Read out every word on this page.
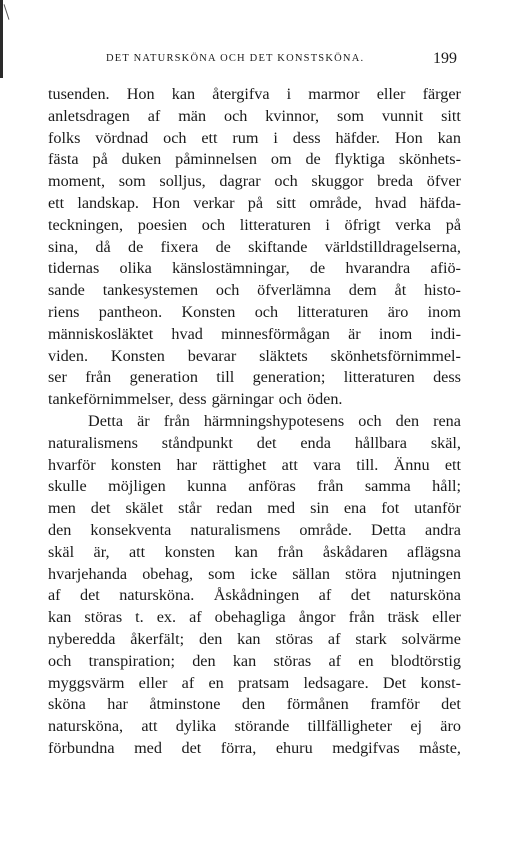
DET NATURSKÖNA OCH DET KONSTSKÖNA.	199
tusenden. Hon kan återgifva i marmor eller färger
anletsdragen af män och kvinnor, som vunnit sitt
folks vördnad och ett rum i dess häfder. Hon kan
fästa på duken påminnelsen om de flyktiga skönhets-
moment, som solljus, dagrar och skuggor breda öfver
ett landskap. Hon verkar på sitt område, hvad häfda-
teckningen, poesien och litteraturen i öfrigt verka på
sina, då de fixera de skiftande världstilldragelserna,
tidernas olika känslostämningar, de hvarandra afiö-
sande tankesystemen och öfverlämna dem åt histo-
riens pantheon. Konsten och litteraturen äro inom
människosläktet hvad minnesförmågan är inom indi-
viden. Konsten bevarar släktets skönhetsförnimmel-
ser från generation till generation; litteraturen dess
tankeförnimmelser, dess gärningar och öden.
Detta är från härmningshypotesens och den rena
naturalismens ståndpunkt det enda hållbara skäl,
hvarför konsten har rättighet att vara till. Ännu ett
skulle möjligen kunna anföras från samma håll;
men det skälet står redan med sin ena fot utanför
den konsekventa naturalismens område. Detta andra
skäl är, att konsten kan från åskådaren aflägsna
hvarjehanda obehag, som icke sällan störa njutningen
af det natursköna. Åskådningen af det natursköna
kan störas t. ex. af obehagliga ångor från träsk eller
nyberedda åkerfält; den kan störas af stark solvärme
och transpiration; den kan störas af en blodtörstig
myggsvärm eller af en pratsam ledsagare. Det konst-
sköna har åtminstone den förmånen framför det
natursköna, att dylika störande tillfälligheter ej äro
förbundna med det förra, ehuru medgifvas måste,
